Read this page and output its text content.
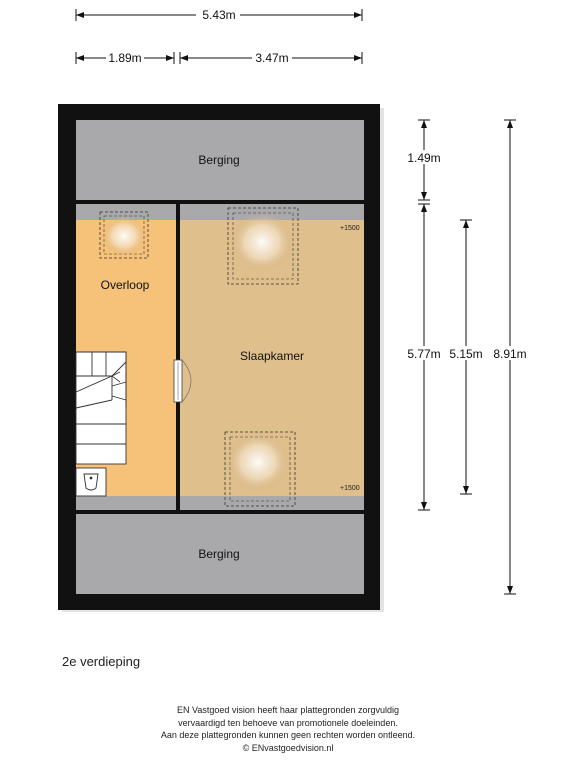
5.43m
1.89m	3.47m
Berging
Overloop
Slaapkamer
Berging
+1500
+1500
1.49m
5.77m 5.15m 8.91m
2e verdieping
EN Vastgoed vision heeft haar plattegronden zorgvuldig
vervaardigd ten behoeve van promotionele doeleinden.
Aan deze plattegronden kunnen geen rechten worden ontleend.
© ENvastgoedvision.nl
